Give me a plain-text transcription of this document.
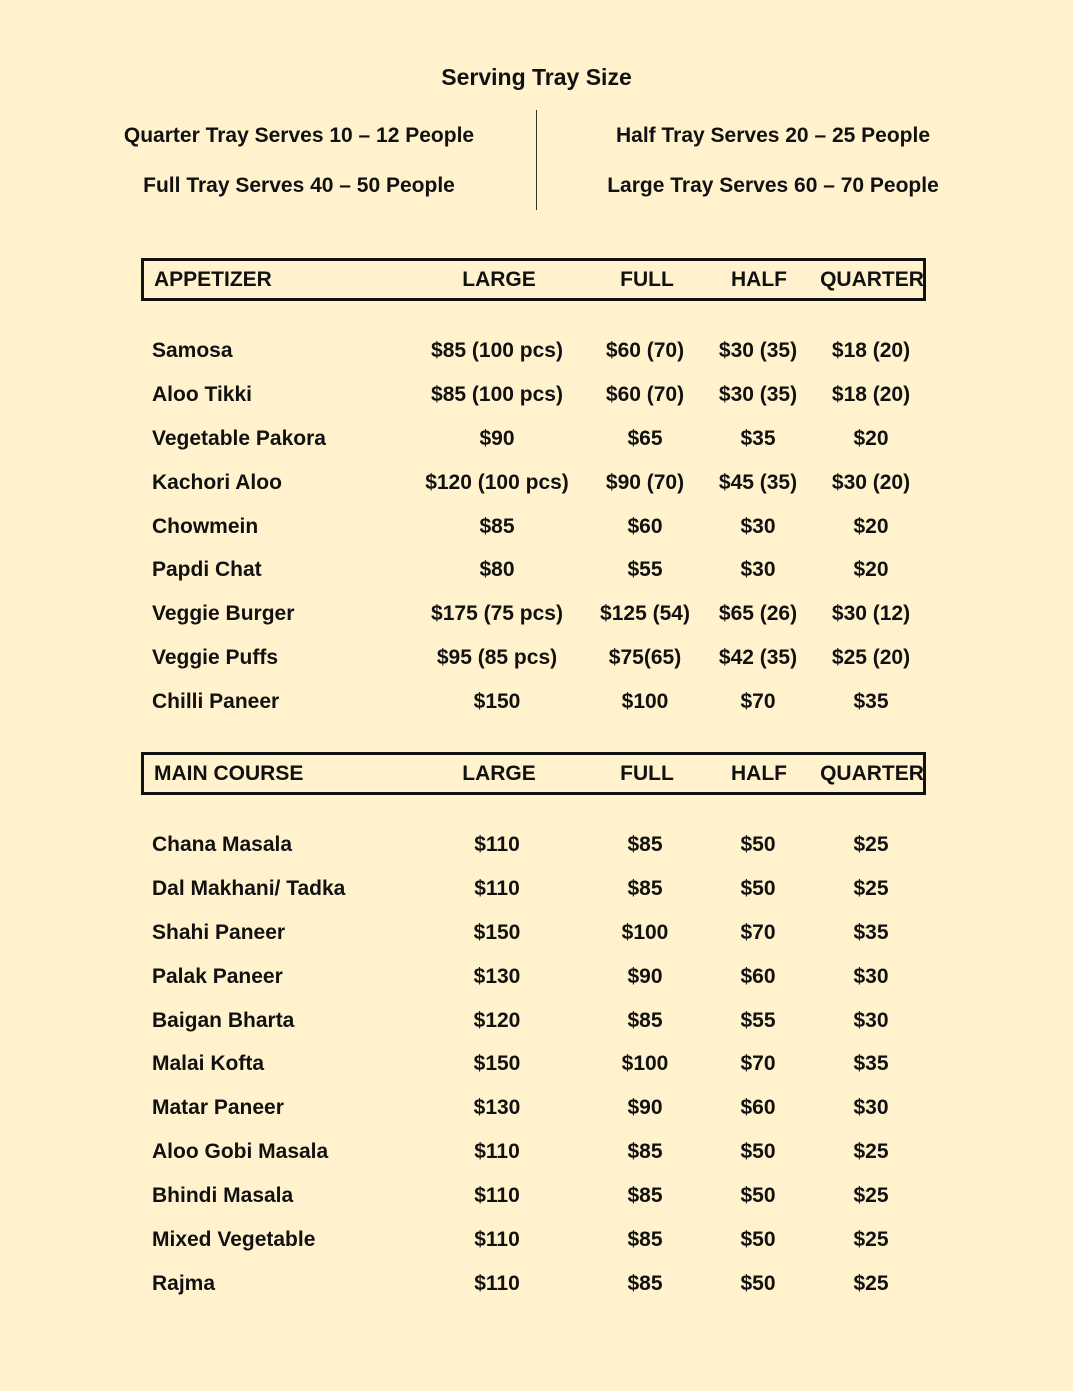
Serving Tray Size
Quarter Tray Serves 10 – 12 People
Full Tray Serves 40 – 50 People
Half Tray Serves 20 – 25 People
Large Tray Serves 60 – 70 People
APPETIZER	LARGE	FULL	HALF QUARTER
Samosa	$85 (100 pcs) $60 (70) $30 (35) $18 (20)
Aloo Tikki	$85 (100 pcs) $60 (70) $30 (35) $18 (20)
Vegetable Pakora	$90	$65	$35	$20
Kachori Aloo	$120 (100 pcs) $90 (70) $45 (35) $30 (20)
Chowmein	$85	$60	$30	$20
Papdi Chat	$80	$55	$30	$20
Veggie Burger	$175 (75 pcs) $125 (54) $65 (26) $30 (12)
Veggie Puffs	$95 (85 pcs) $75(65) $42 (35) $25 (20)
Chilli Paneer	$150	$100	$70	$35
MAIN COURSE	LARGE	FULL	HALF QUARTER
Chana Masala	$110	$85	$50	$25
Dal Makhani/ Tadka	$110	$85	$50	$25
Shahi Paneer	$150	$100	$70	$35
Palak Paneer	$130	$90	$60	$30
Baigan Bharta	$120	$85	$55	$30
Malai Kofta	$150	$100	$70	$35
Matar Paneer	$130	$90	$60	$30
Aloo Gobi Masala	$110	$85	$50	$25
Bhindi Masala	$110	$85	$50	$25
Mixed Vegetable	$110	$85	$50	$25
Rajma	$110	$85	$50	$25
